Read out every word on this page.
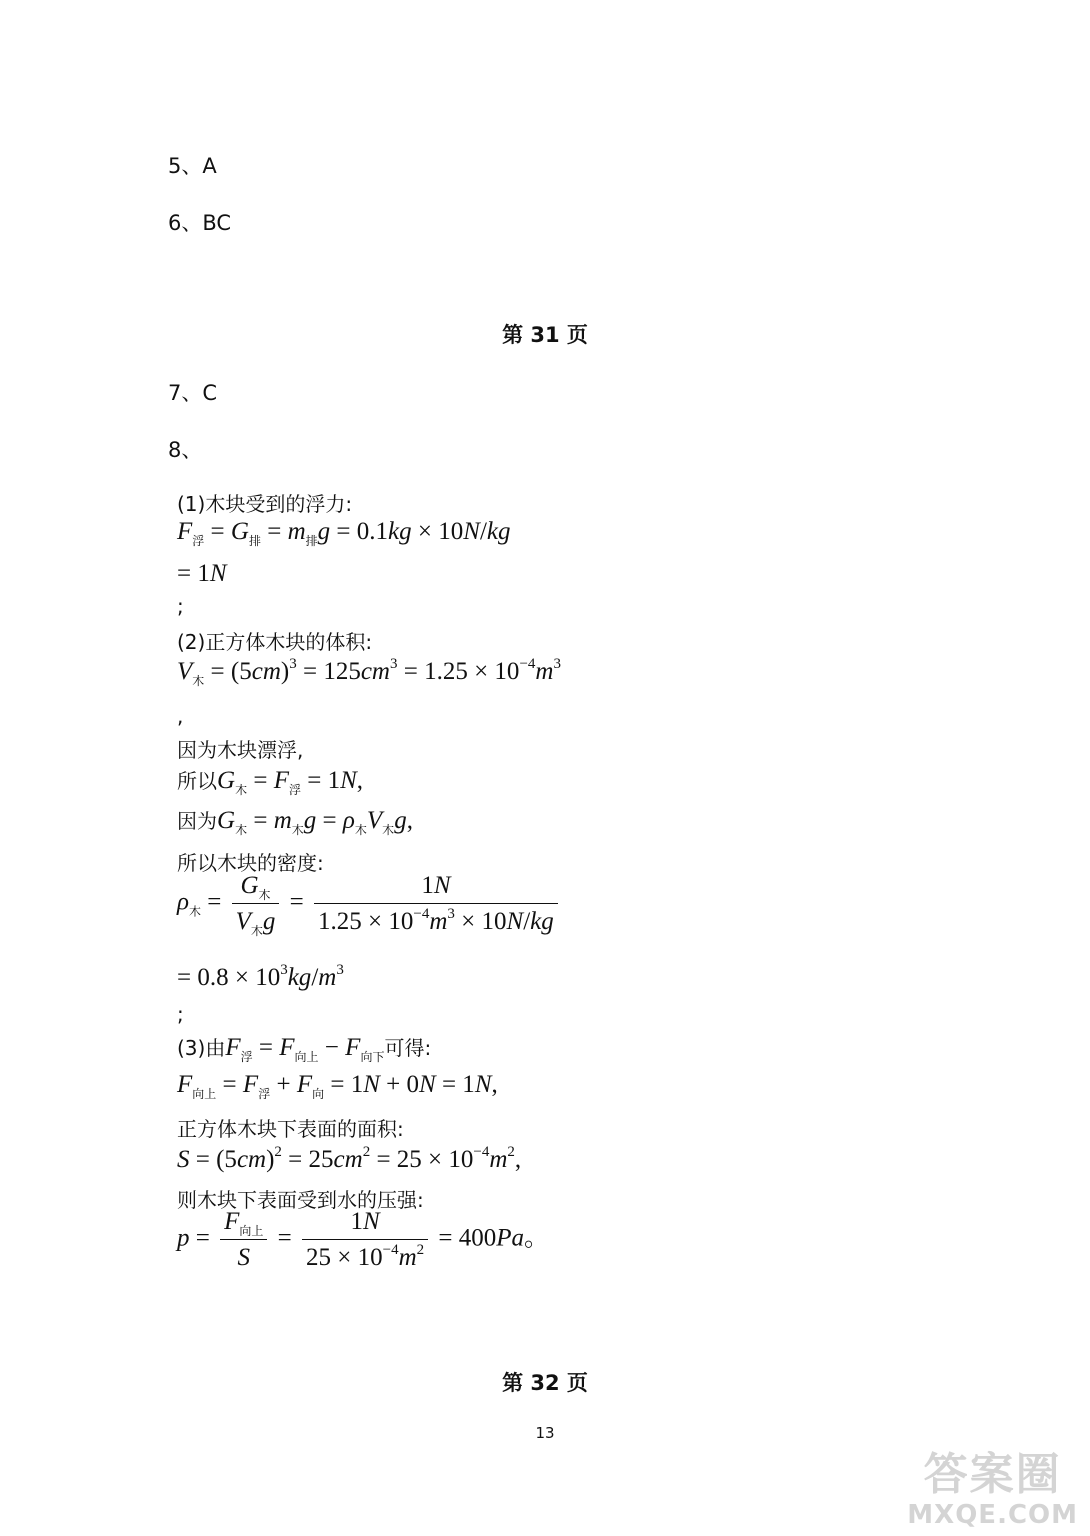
5、A
6、BC
第 31 页
7、C
8、
(1)木块受到的浮力:
$F_浮 = G_排 = m_排g = 0.1kg \times 10N/kg$
= 1N
;
(2)正方体木块的体积:
$V_木 = (5cm)^3 = 125cm^3 = 1.25 \times 10^{-4}m^3$
,
因为木块漂浮,
所以$G_木 = F_浮 = 1N$,
因为$G_木 = m_木g = \rho_木V_木g$,
所以木块的密度:
$\rho_木 = \frac{G_木}{V_木g} = \frac{1N}{1.25 \times 10^{-4}m^3 \times 10N/kg}$
= $0.8 \times 10^3kg/m^3$
;
(3)由$F_浮 = F_{向上} - F_{向下}$可得:
$F_{向上} = F_浮 + F_向 = 1N + 0N = 1N$,
正方体木块下表面的面积:
$S = (5cm)^2 = 25cm^2 = 25 \times 10^{-4}m^2$,
则木块下表面受到水的压强:
$p = \frac{F_{向上}}{S} = \frac{1N}{25 \times 10^{-4}m^2} = 400Pa$。
第 32 页
13
答案圈
MXQE.COM
